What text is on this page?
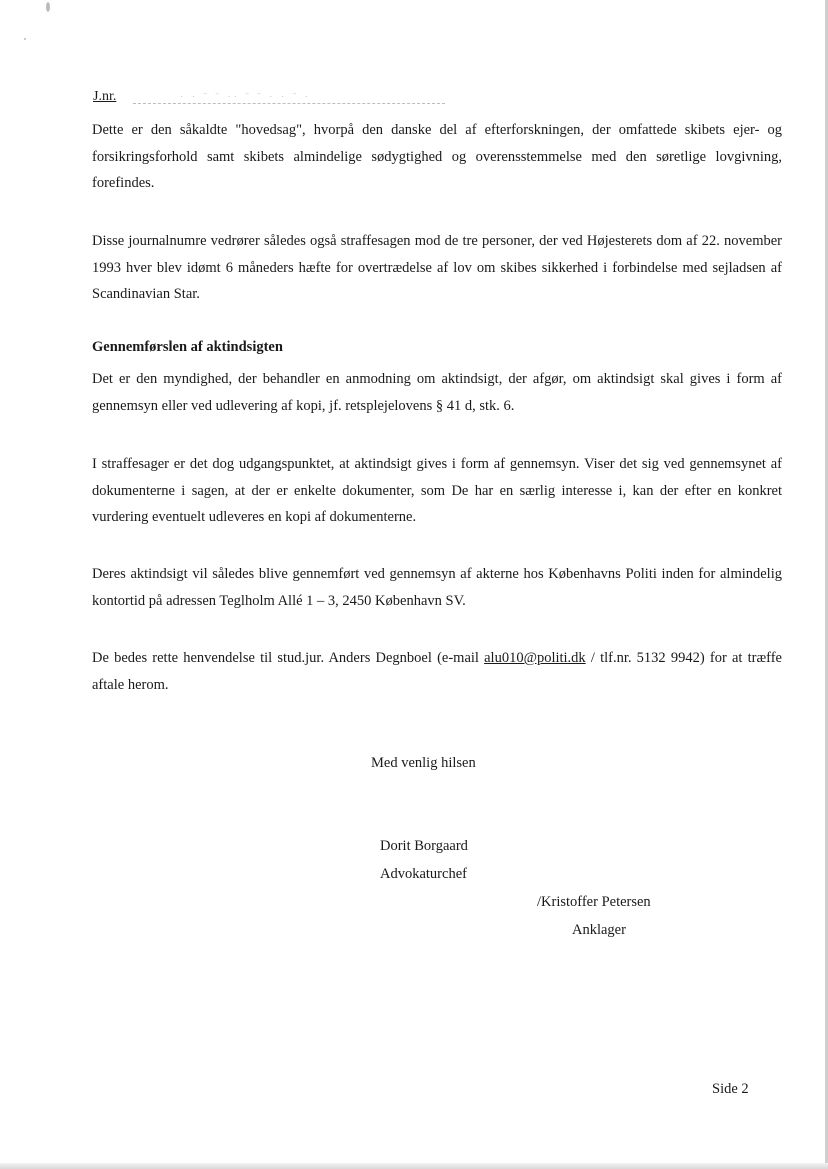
J.nr.	· · ˉ ˉ ·· ˉ ˉ · · ˉ ·

Dette er den såkaldte "hovedsag", hvorpå den danske del af efterforskningen, der omfattede skibets ejer- og forsikringsforhold samt skibets almindelige sødygtighed og overensstemmelse med den søretlige lovgivning, forefindes.

Disse journalnumre vedrører således også straffesagen mod de tre personer, der ved Højesterets dom af 22. november 1993 hver blev idømt 6 måneders hæfte for overtrædelse af lov om skibes sikkerhed i forbindelse med sejladsen af Scandinavian Star.

Gennemførslen af aktindsigten

Det er den myndighed, der behandler en anmodning om aktindsigt, der afgør, om aktindsigt skal gives i form af gennemsyn eller ved udlevering af kopi, jf. retsplejelovens § 41 d, stk. 6.

I straffesager er det dog udgangspunktet, at aktindsigt gives i form af gennemsyn. Viser det sig ved gennemsynet af dokumenterne i sagen, at der er enkelte dokumenter, som De har en særlig interesse i, kan der efter en konkret vurdering eventuelt udleveres en kopi af dokumenterne.

Deres aktindsigt vil således blive gennemført ved gennemsyn af akterne hos Københavns Politi inden for almindelig kontortid på adressen Teglholm Allé 1 – 3, 2450 København SV.

De bedes rette henvendelse til stud.jur. Anders Degnboel (e-mail alu010@politi.dk / tlf.nr. 5132 9942) for at træffe aftale herom.

Med venlig hilsen
Dorit Borgaard
Advokaturchef
/Kristoffer Petersen
Anklager
Side 2
